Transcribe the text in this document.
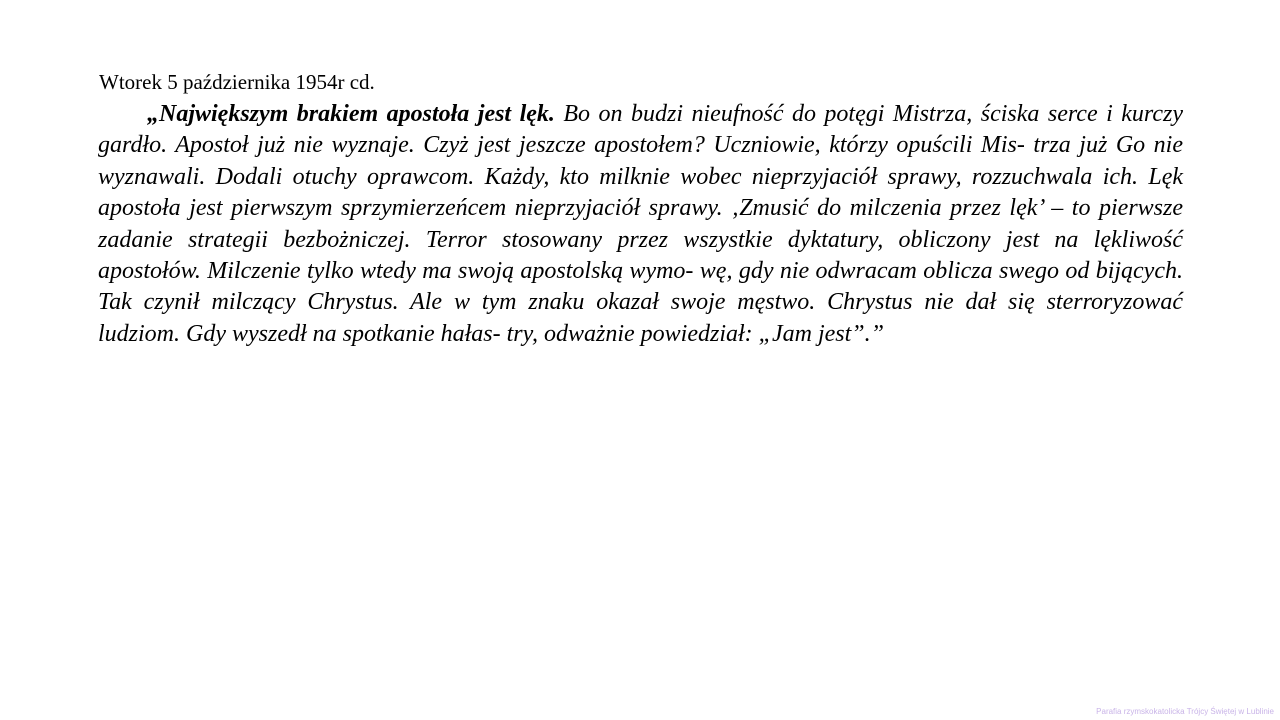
Wtorek 5 października 1954r cd.

„Największym brakiem apostoła jest lęk. Bo on budzi nieufność do potęgi Mistrza, ściska serce i kurczy gardło. Apostoł już nie wyznaje. Czyż jest jeszcze apostołem? Uczniowie, którzy opuścili Mis- trza już Go nie wyznawali. Dodali otuchy oprawcom. Każdy, kto milknie wobec nieprzyjaciół sprawy, rozzuchwala ich. Lęk apostoła jest pierwszym sprzymierzeńcem nieprzyjaciół sprawy. ‚Zmusić do milczenia przez lęk’ – to pierwsze zadanie strategii bezbożniczej. Terror stosowany przez wszystkie dyktatury, obliczony jest na lękliwość apostołów. Milczenie tylko wtedy ma swoją apostolską wymo- wę, gdy nie odwracam oblicza swego od bijących. Tak czynił milczący Chrystus. Ale w tym znaku okazał swoje męstwo. Chrystus nie dał się sterroryzować ludziom. Gdy wyszedł na spotkanie hałas- try, odważnie powiedział: „Jam jest”.”

Parafia rzymskokatolicka Trójcy Świętej w Lublinie
